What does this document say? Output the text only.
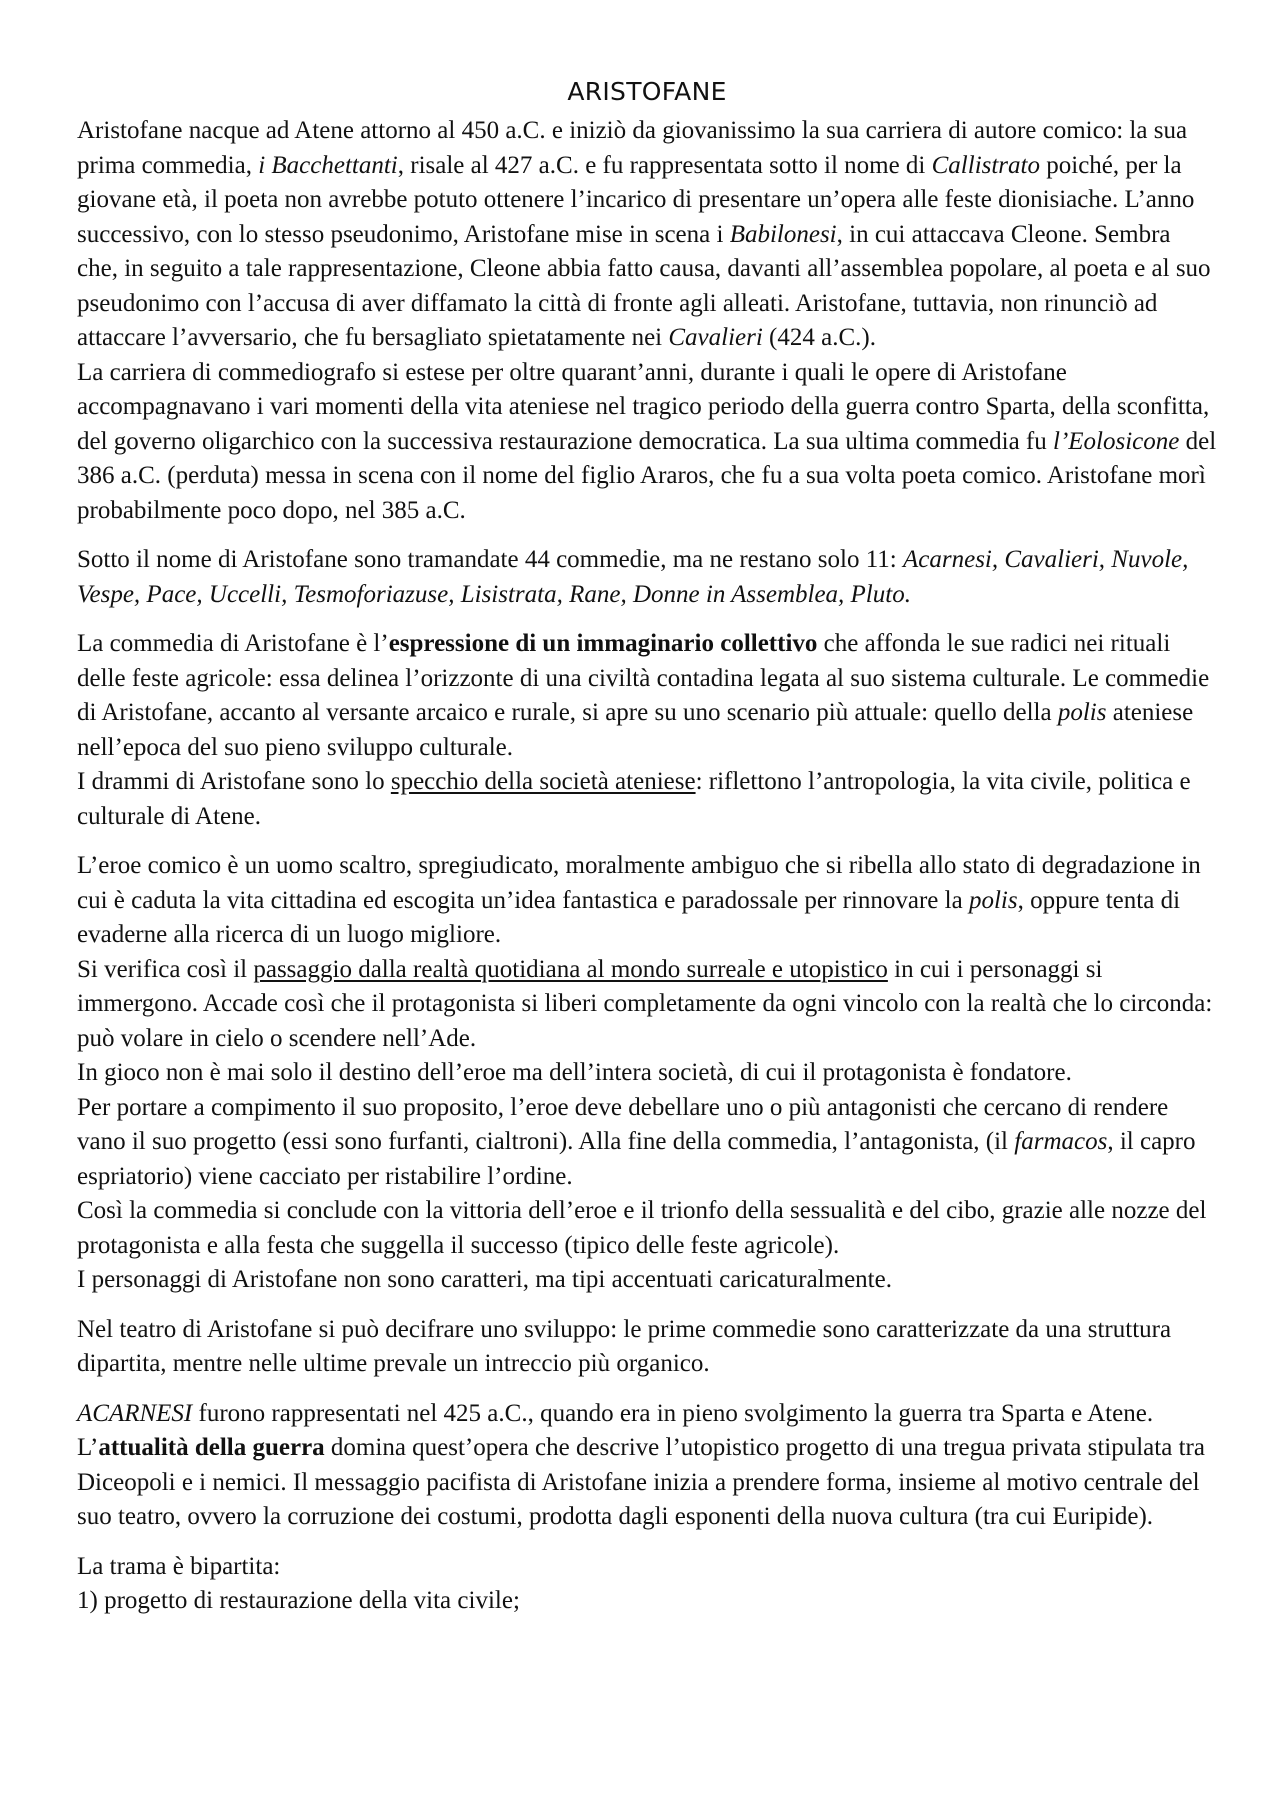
ARISTOFANE

Aristofane nacque ad Atene attorno al 450 a.C. e iniziò da giovanissimo la sua carriera di autore comico: la sua prima commedia, i Bacchettanti, risale al 427 a.C. e fu rappresentata sotto il nome di Callistrato poiché, per la giovane età, il poeta non avrebbe potuto ottenere l’incarico di presentare un’opera alle feste dionisiache. L’anno successivo, con lo stesso pseudonimo, Aristofane mise in scena i Babilonesi, in cui attaccava Cleone. Sembra che, in seguito a tale rappresentazione, Cleone abbia fatto causa, davanti all’assemblea popolare, al poeta e al suo pseudonimo con l’accusa di aver diffamato la città di fronte agli alleati. Aristofane, tuttavia, non rinunciò ad attaccare l’avversario, che fu bersagliato spietatamente nei Cavalieri (424 a.C.).

La carriera di commediografo si estese per oltre quarant’anni, durante i quali le opere di Aristofane accompagnavano i vari momenti della vita ateniese nel tragico periodo della guerra contro Sparta, della sconfitta, del governo oligarchico con la successiva restaurazione democratica. La sua ultima commedia fu l’Eolosicone del 386 a.C. (perduta) messa in scena con il nome del figlio Araros, che fu a sua volta poeta comico. Aristofane morì probabilmente poco dopo, nel 385 a.C.

Sotto il nome di Aristofane sono tramandate 44 commedie, ma ne restano solo 11: Acarnesi, Cavalieri, Nuvole, Vespe, Pace, Uccelli, Tesmoforiazuse, Lisistrata, Rane, Donne in Assemblea, Pluto.

La commedia di Aristofane è l’espressione di un immaginario collettivo che affonda le sue radici nei rituali delle feste agricole: essa delinea l’orizzonte di una civiltà contadina legata al suo sistema culturale. Le commedie di Aristofane, accanto al versante arcaico e rurale, si apre su uno scenario più attuale: quello della polis ateniese nell’epoca del suo pieno sviluppo culturale.

I drammi di Aristofane sono lo specchio della società ateniese: riflettono l’antropologia, la vita civile, politica e culturale di Atene.

L’eroe comico è un uomo scaltro, spregiudicato, moralmente ambiguo che si ribella allo stato di degradazione in cui è caduta la vita cittadina ed escogita un’idea fantastica e paradossale per rinnovare la polis, oppure tenta di evaderne alla ricerca di un luogo migliore.

Si verifica così il passaggio dalla realtà quotidiana al mondo surreale e utopistico in cui i personaggi si immergono. Accade così che il protagonista si liberi completamente da ogni vincolo con la realtà che lo circonda: può volare in cielo o scendere nell’Ade.

In gioco non è mai solo il destino dell’eroe ma dell’intera società, di cui il protagonista è fondatore.

Per portare a compimento il suo proposito, l’eroe deve debellare uno o più antagonisti che cercano di rendere vano il suo progetto (essi sono furfanti, cialtroni). Alla fine della commedia, l’antagonista, (il farmacos, il capro espriatorio) viene cacciato per ristabilire l’ordine.

Così la commedia si conclude con la vittoria dell’eroe e il trionfo della sessualità e del cibo, grazie alle nozze del protagonista e alla festa che suggella il successo (tipico delle feste agricole).

I personaggi di Aristofane non sono caratteri, ma tipi accentuati caricaturalmente.

Nel teatro di Aristofane si può decifrare uno sviluppo: le prime commedie sono caratterizzate da una struttura dipartita, mentre nelle ultime prevale un intreccio più organico.

ACARNESI furono rappresentati nel 425 a.C., quando era in pieno svolgimento la guerra tra Sparta e Atene. L’attualità della guerra domina quest’opera che descrive l’utopistico progetto di una tregua privata stipulata tra Diceopoli e i nemici. Il messaggio pacifista di Aristofane inizia a prendere forma, insieme al motivo centrale del suo teatro, ovvero la corruzione dei costumi, prodotta dagli esponenti della nuova cultura (tra cui Euripide).

La trama è bipartita:

1) progetto di restaurazione della vita civile;
